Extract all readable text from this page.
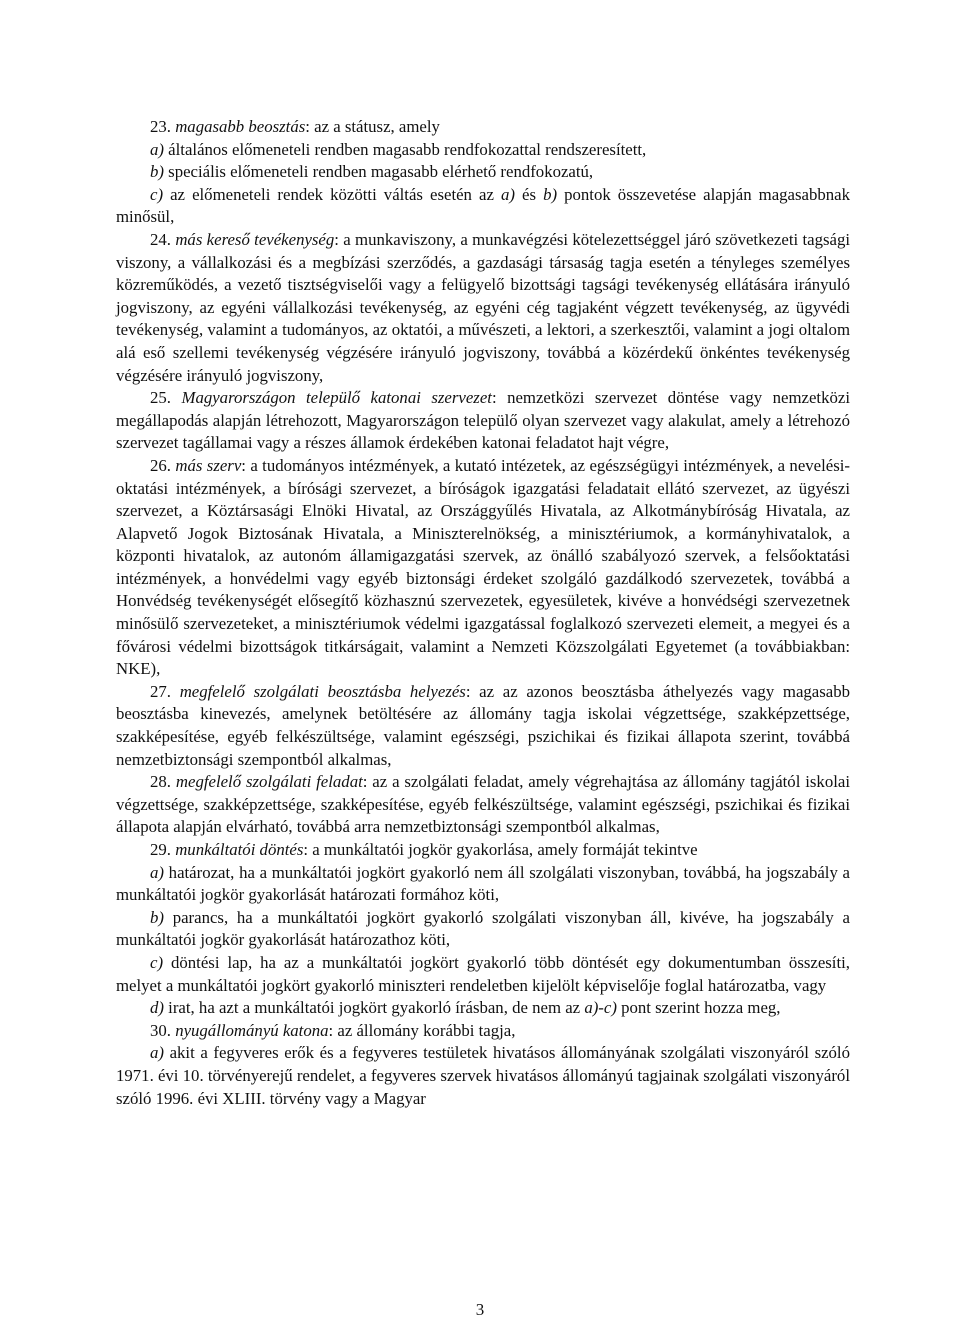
23. magasabb beosztás: az a státusz, amely

a) általános előmeneteli rendben magasabb rendfokozattal rendszeresített,

b) speciális előmeneteli rendben magasabb elérhető rendfokozatú,

c) az előmeneteli rendek közötti váltás esetén az a) és b) pontok összevetése alapján magasabbnak minősül,

24. más kereső tevékenység: a munkaviszony, a munkavégzési kötelezettséggel járó szövetkezeti tagsági viszony, a vállalkozási és a megbízási szerződés, a gazdasági társaság tagja esetén a tényleges személyes közreműködés, a vezető tisztségviselői vagy a felügyelő bizottsági tagsági tevékenység ellátására irányuló jogviszony, az egyéni vállalkozási tevékenység, az egyéni cég tagjaként végzett tevékenység, az ügyvédi tevékenység, valamint a tudományos, az oktatói, a művészeti, a lektori, a szerkesztői, valamint a jogi oltalom alá eső szellemi tevékenység végzésére irányuló jogviszony, továbbá a közérdekű önkéntes tevékenység végzésére irányuló jogviszony,

25. Magyarországon települő katonai szervezet: nemzetközi szervezet döntése vagy nemzetközi megállapodás alapján létrehozott, Magyarországon települő olyan szervezet vagy alakulat, amely a létrehozó szervezet tagállamai vagy a részes államok érdekében katonai feladatot hajt végre,

26. más szerv: a tudományos intézmények, a kutató intézetek, az egészségügyi intézmények, a nevelési-oktatási intézmények, a bírósági szervezet, a bíróságok igazgatási feladatait ellátó szervezet, az ügyészi szervezet, a Köztársasági Elnöki Hivatal, az Országgyűlés Hivatala, az Alkotmánybíróság Hivatala, az Alapvető Jogok Biztosának Hivatala, a Miniszterelnökség, a minisztériumok, a kormányhivatalok, a központi hivatalok, az autonóm államigazgatási szervek, az önálló szabályozó szervek, a felsőoktatási intézmények, a honvédelmi vagy egyéb biztonsági érdeket szolgáló gazdálkodó szervezetek, továbbá a Honvédség tevékenységét elősegítő közhasznú szervezetek, egyesületek, kivéve a honvédségi szervezetnek minősülő szervezeteket, a minisztériumok védelmi igazgatással foglalkozó szervezeti elemeit, a megyei és a fővárosi védelmi bizottságok titkárságait, valamint a Nemzeti Közszolgálati Egyetemet (a továbbiakban: NKE),

27. megfelelő szolgálati beosztásba helyezés: az az azonos beosztásba áthelyezés vagy magasabb beosztásba kinevezés, amelynek betöltésére az állomány tagja iskolai végzettsége, szakképzettsége, szakképesítése, egyéb felkészültsége, valamint egészségi, pszichikai és fizikai állapota szerint, továbbá nemzetbiztonsági szempontból alkalmas,

28. megfelelő szolgálati feladat: az a szolgálati feladat, amely végrehajtása az állomány tagjától iskolai végzettsége, szakképzettsége, szakképesítése, egyéb felkészültsége, valamint egészségi, pszichikai és fizikai állapota alapján elvárható, továbbá arra nemzetbiztonsági szempontból alkalmas,

29. munkáltatói döntés: a munkáltatói jogkör gyakorlása, amely formáját tekintve

a) határozat, ha a munkáltatói jogkört gyakorló nem áll szolgálati viszonyban, továbbá, ha jogszabály a munkáltatói jogkör gyakorlását határozati formához köti,

b) parancs, ha a munkáltatói jogkört gyakorló szolgálati viszonyban áll, kivéve, ha jogszabály a munkáltatói jogkör gyakorlását határozathoz köti,

c) döntési lap, ha az a munkáltatói jogkört gyakorló több döntését egy dokumentumban összesíti, melyet a munkáltatói jogkört gyakorló miniszteri rendeletben kijelölt képviselője foglal határozatba, vagy

d) irat, ha azt a munkáltatói jogkört gyakorló írásban, de nem az a)-c) pont szerint hozza meg,

30. nyugállományú katona: az állomány korábbi tagja,

a) akit a fegyveres erők és a fegyveres testületek hivatásos állományának szolgálati viszonyáról szóló 1971. évi 10. törvényerejű rendelet, a fegyveres szervek hivatásos állományú tagjainak szolgálati viszonyáról szóló 1996. évi XLIII. törvény vagy a Magyar

3
